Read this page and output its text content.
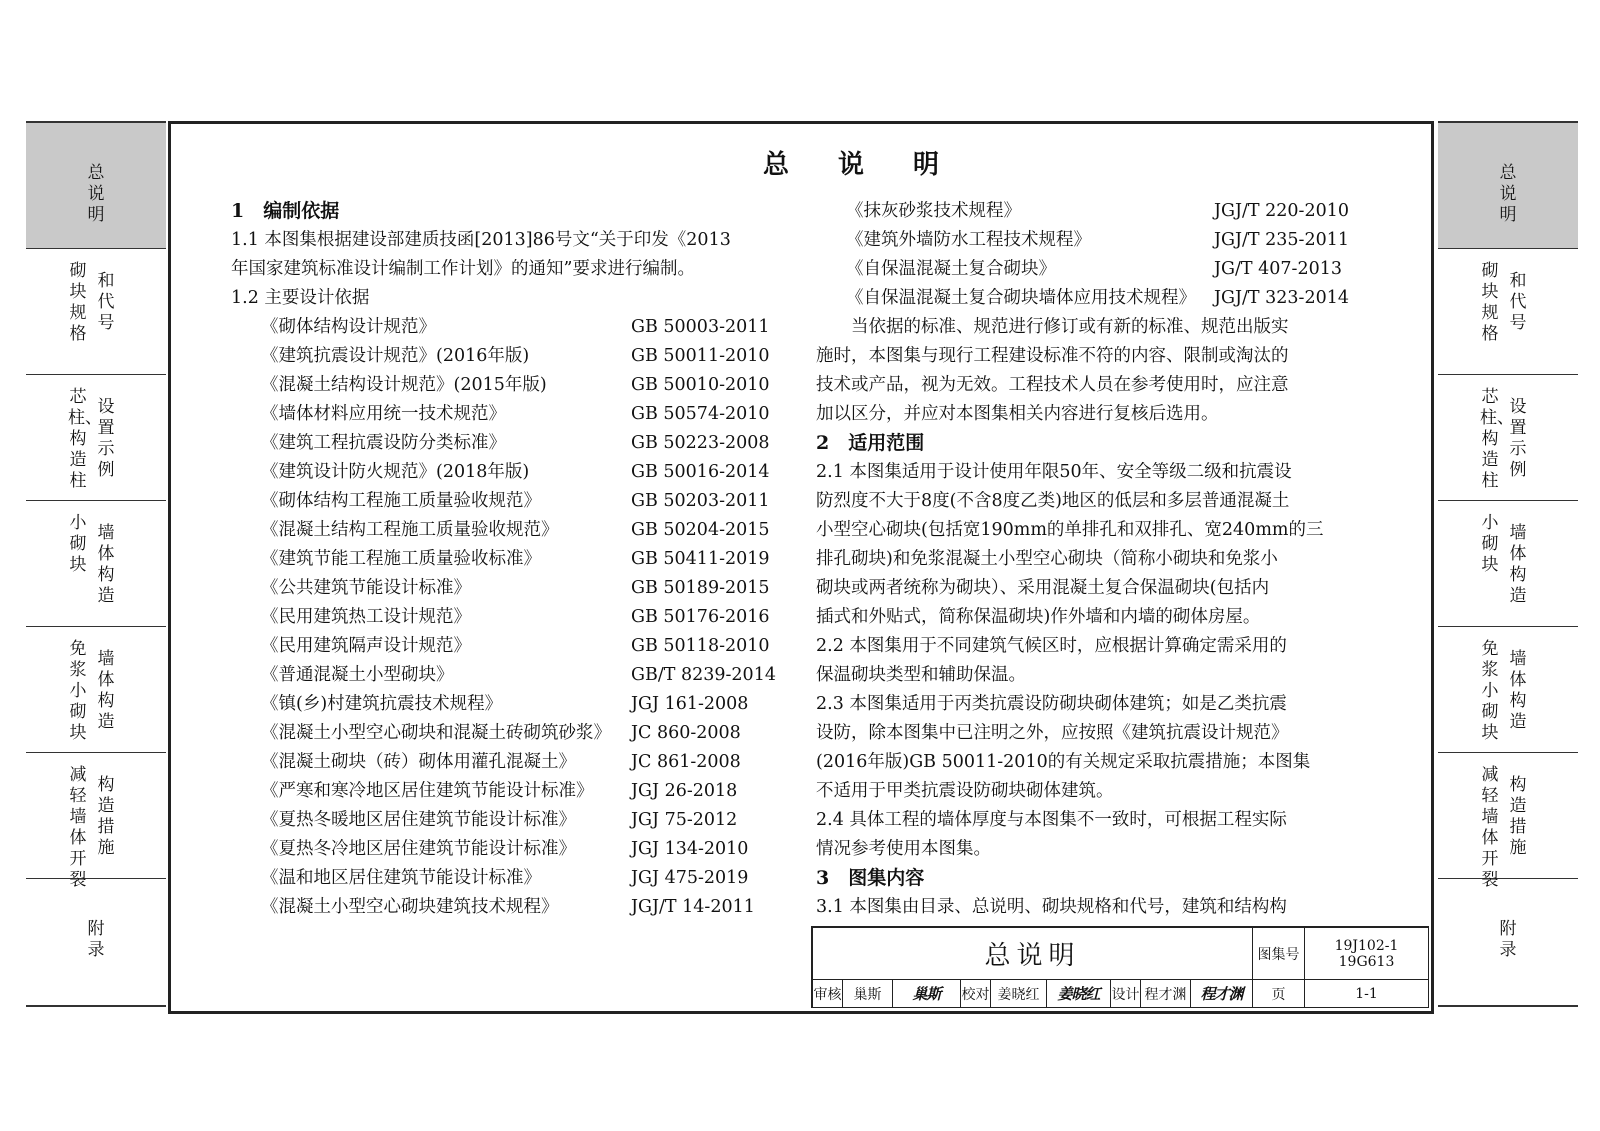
总说明
砌块规格
和代号
芯柱、构造柱
设置示例
小砌块
墙体构造
免浆小砌块
墙体构造
减轻墙体开裂
构造措施
附录
总说明
砌块规格
和代号
芯柱、构造柱
设置示例
小砌块
墙体构造
免浆小砌块
墙体构造
减轻墙体开裂
构造措施
附录
总 说 明
1　编制依据
1.1 本图集根据建设部建质技函[2013]86号文“关于印发《2013
年国家建筑标准设计编制工作计划》的通知”要求进行编制。
1.2 主要设计依据
《砌体结构设计规范》	GB 50003-2011
《建筑抗震设计规范》(2016年版)	GB 50011-2010
《混凝土结构设计规范》(2015年版)	GB 50010-2010
《墙体材料应用统一技术规范》	GB 50574-2010
《建筑工程抗震设防分类标准》	GB 50223-2008
《建筑设计防火规范》(2018年版)	GB 50016-2014
《砌体结构工程施工质量验收规范》	GB 50203-2011
《混凝土结构工程施工质量验收规范》	GB 50204-2015
《建筑节能工程施工质量验收标准》	GB 50411-2019
《公共建筑节能设计标准》	GB 50189-2015
《民用建筑热工设计规范》	GB 50176-2016
《民用建筑隔声设计规范》	GB 50118-2010
《普通混凝土小型砌块》	GB/T 8239-2014
《镇(乡)村建筑抗震技术规程》	JGJ 161-2008
《混凝土小型空心砌块和混凝土砖砌筑砂浆》 JC 860-2008
《混凝土砌块（砖）砌体用灌孔混凝土》	JC 861-2008
《严寒和寒冷地区居住建筑节能设计标准》 JGJ 26-2018
《夏热冬暖地区居住建筑节能设计标准》	JGJ 75-2012
《夏热冬冷地区居住建筑节能设计标准》	JGJ 134-2010
《温和地区居住建筑节能设计标准》	JGJ 475-2019
《混凝土小型空心砌块建筑技术规程》	JGJ/T 14-2011
《抹灰砂浆技术规程》	JGJ/T 220-2010
《建筑外墙防水工程技术规程》	JGJ/T 235-2011
《自保温混凝土复合砌块》	JG/T 407-2013
《自保温混凝土复合砌块墙体应用技术规程》 JGJ/T 323-2014
　　当依据的标准、规范进行修订或有新的标准、规范出版实
施时，本图集与现行工程建设标准不符的内容、限制或淘汰的
技术或产品，视为无效。工程技术人员在参考使用时，应注意
加以区分，并应对本图集相关内容进行复核后选用。
2　适用范围
2.1 本图集适用于设计使用年限50年、安全等级二级和抗震设
防烈度不大于8度(不含8度乙类)地区的低层和多层普通混凝土
小型空心砌块(包括宽190mm的单排孔和双排孔、宽240mm的三
排孔砌块)和免浆混凝土小型空心砌块（简称小砌块和免浆小
砌块或两者统称为砌块）、采用混凝土复合保温砌块(包括内
插式和外贴式，简称保温砌块)作外墙和内墙的砌体房屋。
2.2 本图集用于不同建筑气候区时，应根据计算确定需采用的
保温砌块类型和辅助保温。
2.3 本图集适用于丙类抗震设防砌块砌体建筑；如是乙类抗震
设防，除本图集中已注明之外，应按照《建筑抗震设计规范》
(2016年版)GB 50011-2010的有关规定采取抗震措施；本图集
不适用于甲类抗震设防砌块砌体建筑。
2.4 具体工程的墙体厚度与本图集不一致时，可根据工程实际
情况参考使用本图集。
3　图集内容
3.1 本图集由目录、总说明、砌块规格和代号，建筑和结构构
总说明	图集号
19J102-1
19G613
审核 巢斯	巢斯	校对 姜晓红	姜晓红 设计 程才渊 程才渊	页	1-1
